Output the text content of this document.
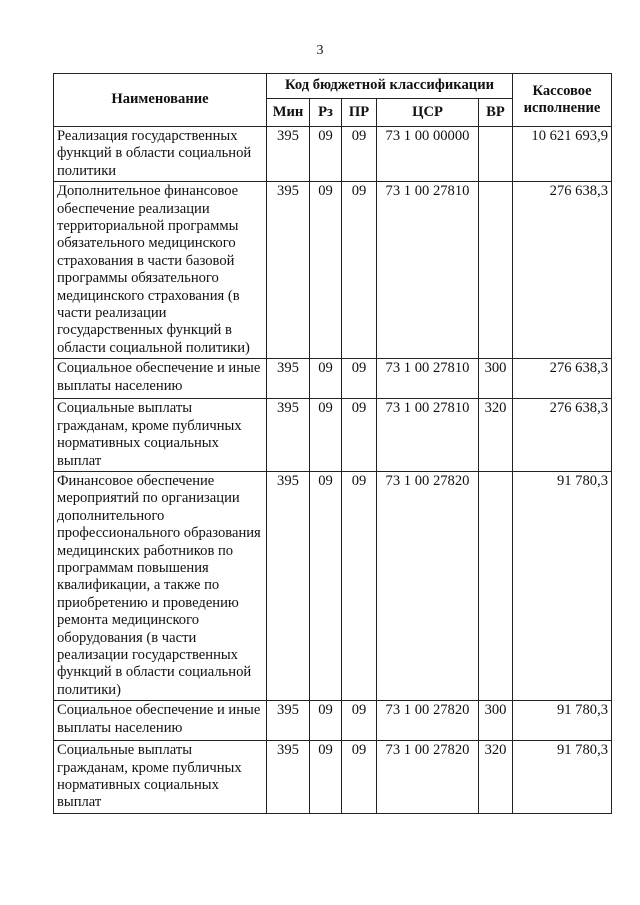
3
Наименование	Код бюджетной классификации					Кассовое исполнение
	Мин	Рз	ПР	ЦСР	ВР	
Реализация государственных функций в области социальной политики	395	09	09	73 1 00 00000		10 621 693,9
Дополнительное финансовое обеспечение реализации территориальной программы обязательного медицинского страхования в части базовой программы обязательного медицинского страхования (в части реализации государственных функций в области социальной политики)	395	09	09	73 1 00 27810		276 638,3
Социальное обеспечение и иные выплаты населению	395	09	09	73 1 00 27810	300	276 638,3
Социальные выплаты гражданам, кроме публичных нормативных социальных выплат	395	09	09	73 1 00 27810	320	276 638,3
Финансовое обеспечение мероприятий по организации дополнительного профессионального образования медицинских работников по программам повышения квалификации, а также по приобретению и проведению ремонта медицинского оборудования (в части реализации государственных функций в области социальной политики)	395	09	09	73 1 00 27820		91 780,3
Социальное обеспечение и иные выплаты населению	395	09	09	73 1 00 27820	300	91 780,3
Социальные выплаты гражданам, кроме публичных нормативных социальных выплат	395	09	09	73 1 00 27820	320	91 780,3
